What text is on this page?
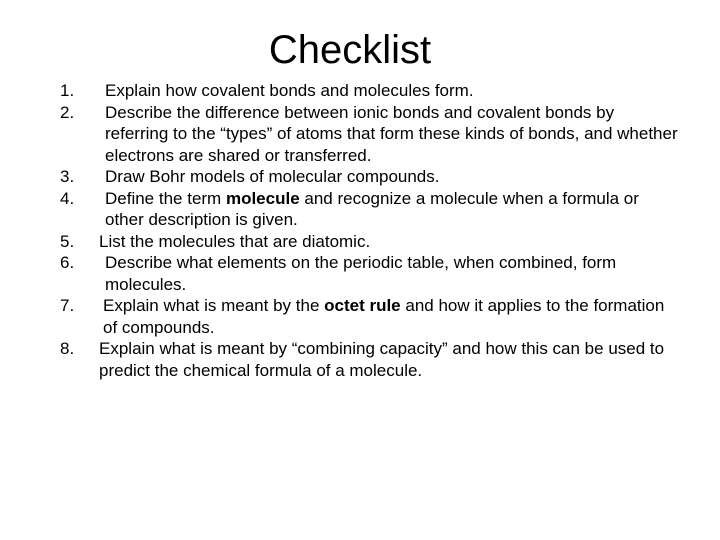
Checklist
1.	Explain how covalent bonds and molecules form.
2.	Describe the difference between ionic bonds and covalent bonds by referring to the “types” of atoms that form these kinds of bonds, and whether electrons are shared or transferred.
3.	Draw Bohr models of molecular compounds.
4.	Define the term molecule and recognize a molecule when a formula or other description is given.
5.	List the molecules that are diatomic.
6.	Describe what elements on the periodic table, when combined, form molecules.
7.	Explain what is meant by the octet rule and how it applies to the formation of compounds.
8.	Explain what is meant by “combining capacity” and how this can be used to predict the chemical formula of a molecule.
